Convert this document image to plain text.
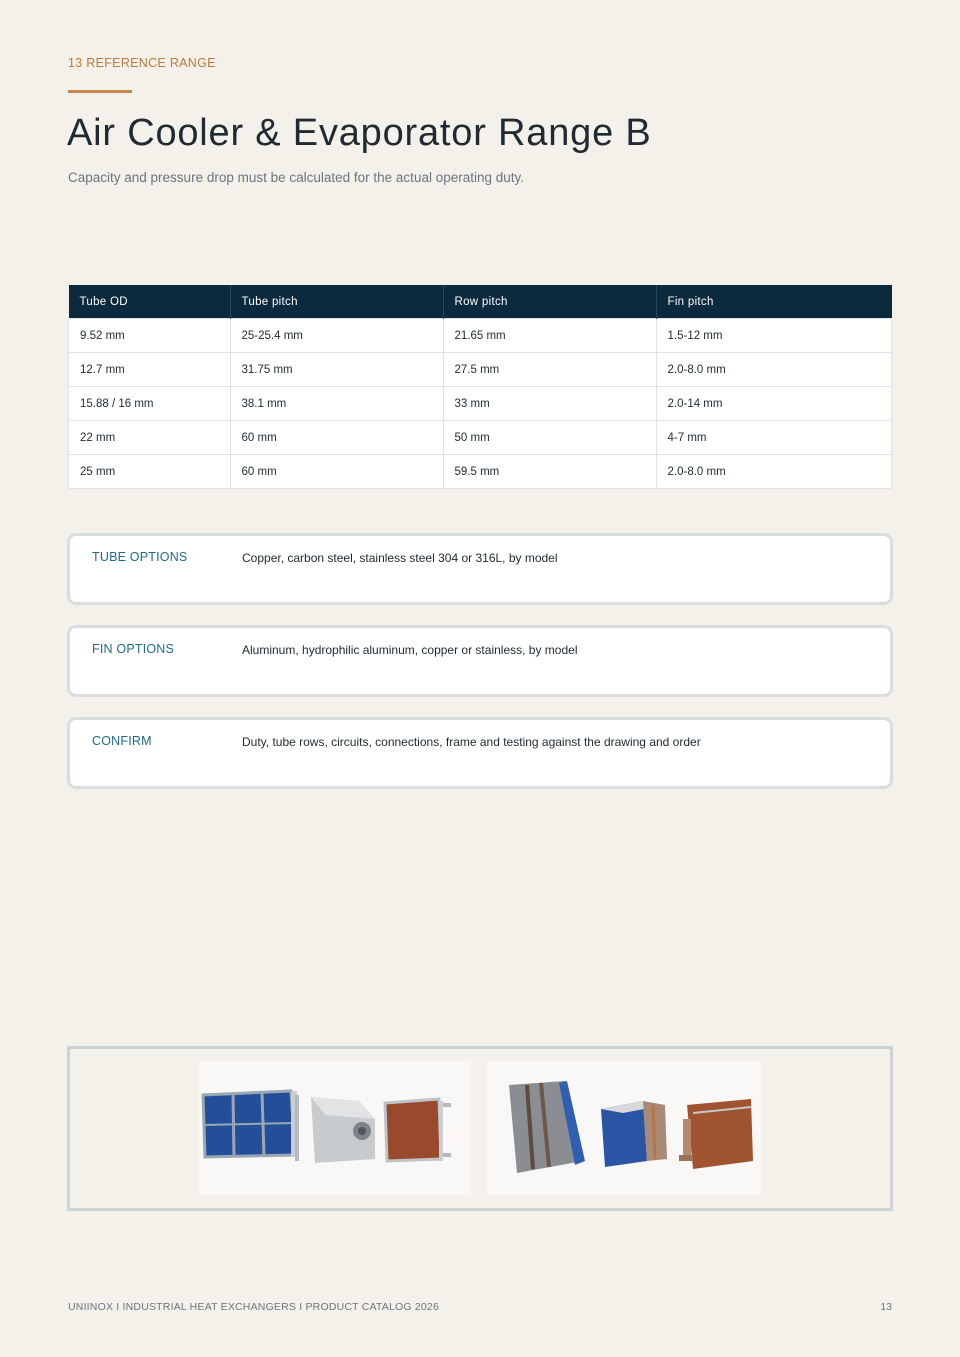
13 REFERENCE RANGE
Air Cooler & Evaporator Range B
Capacity and pressure drop must be calculated for the actual operating duty.
Tube OD	Tube pitch	Row pitch	Fin pitch
9.52 mm	25-25.4 mm	21.65 mm	1.5-12 mm
12.7 mm	31.75 mm	27.5 mm	2.0-8.0 mm
15.88 / 16 mm	38.1 mm	33 mm	2.0-14 mm
22 mm	60 mm	50 mm	4-7 mm
25 mm	60 mm	59.5 mm	2.0-8.0 mm
TUBE OPTIONS	Copper, carbon steel, stainless steel 304 or 316L, by model
FIN OPTIONS	Aluminum, hydrophilic aluminum, copper or stainless, by model
CONFIRM	Duty, tube rows, circuits, connections, frame and testing against the drawing and order
UNIINOX I INDUSTRIAL HEAT EXCHANGERS I PRODUCT CATALOG 2026	13
